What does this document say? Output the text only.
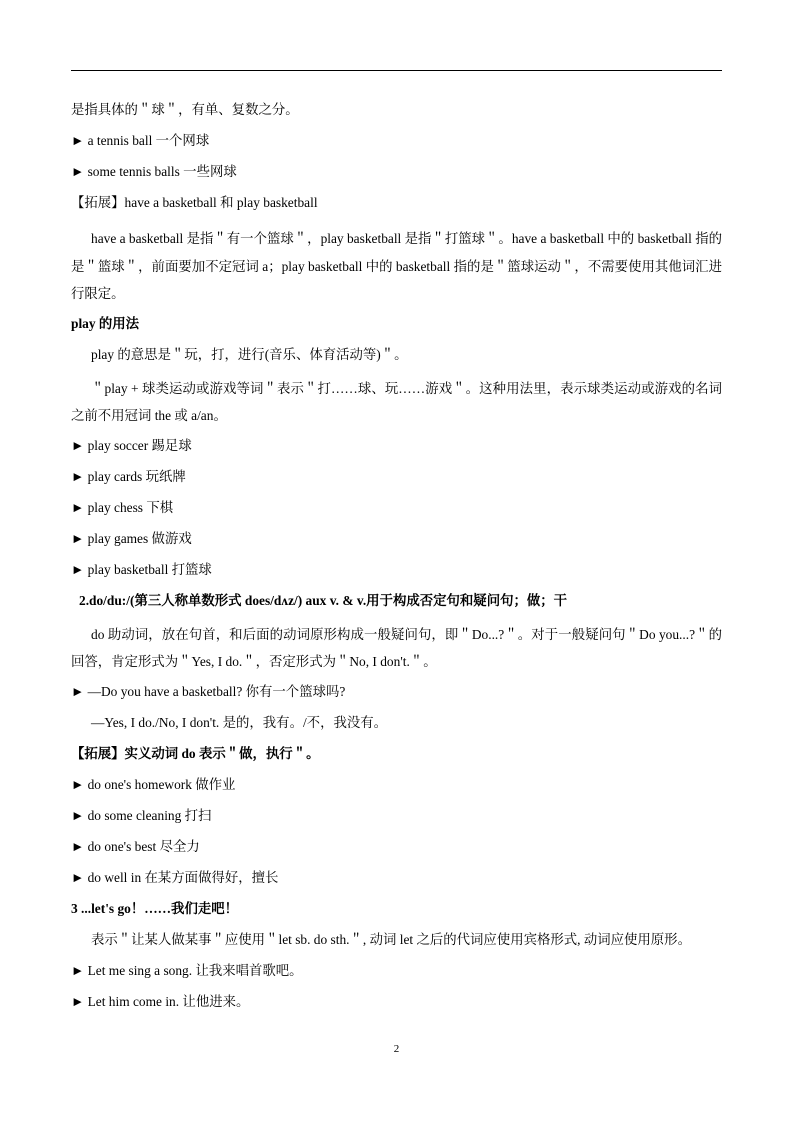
是指具体的＂球＂，有单、复数之分。
► a tennis ball 一个网球
► some tennis balls 一些网球
【拓展】have a basketball 和 play basketball

have a basketball 是指＂有一个篮球＂，play basketball 是指＂打篮球＂。have a basketball 中的 basketball 指的是＂篮球＂，前面要加不定冠词 a；play basketball 中的 basketball 指的是＂篮球运动＂，不需要使用其他词汇进行限定。

play 的用法
play 的意思是＂玩，打，进行(音乐、体育活动等)＂。

＂play + 球类运动或游戏等词＂表示＂打……球、玩……游戏＂。这种用法里，表示球类运动或游戏的名词之前不用冠词 the 或 a/an。

► play soccer 踢足球
► play cards 玩纸牌
► play chess 下棋
► play games 做游戏
► play basketball 打篮球
2.do/du:/(第三人称单数形式 does/dʌz/) aux v. & v.用于构成否定句和疑问句；做；干

do 助动词，放在句首，和后面的动词原形构成一般疑问句，即＂Do...?＂。对于一般疑问句＂Do you...?＂的回答，肯定形式为＂Yes, I do.＂，否定形式为＂No, I don't.＂。

► —Do you have a basketball? 你有一个篮球吗?
—Yes, I do./No, I don't. 是的，我有。/不，我没有。
【拓展】实义动词 do 表示＂做，执行＂。
► do one's homework 做作业
► do some cleaning 打扫
► do one's best 尽全力
► do well in 在某方面做得好，擅长
3 ...let's go！……我们走吧！
表示＂让某人做某事＂应使用＂let sb. do sth.＂, 动词 let 之后的代词应使用宾格形式, 动词应使用原形。
► Let me sing a song. 让我来唱首歌吧。
► Let him come in. 让他进来。
2
